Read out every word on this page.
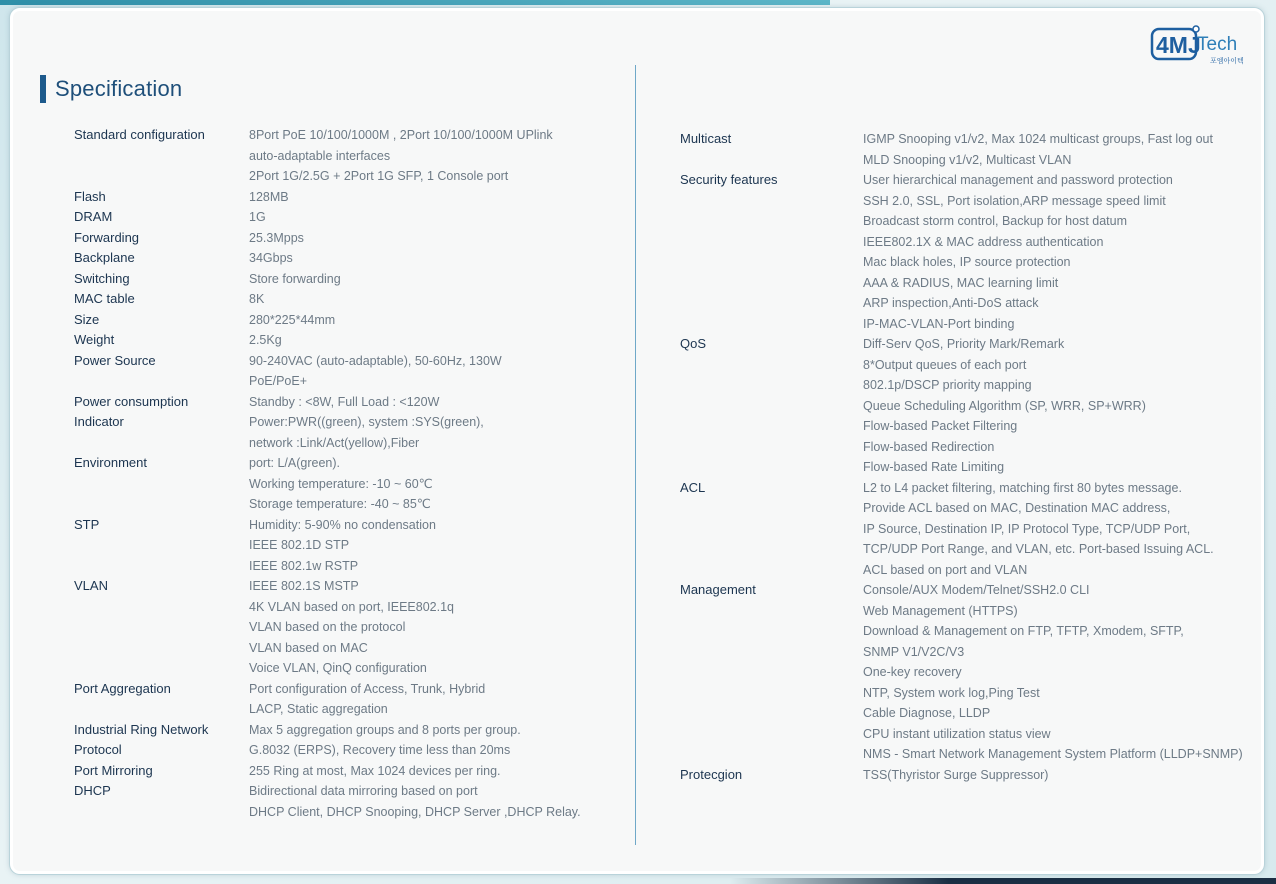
4MJ
Tech
포엠아이텍
Specification
Standard configuration	8Port PoE 10/100/1000M , 2Port 10/100/1000M UPlink
auto-adaptable interfaces
2Port 1G/2.5G + 2Port 1G SFP, 1 Console port
Flash	128MB
DRAM	1G
Forwarding	25.3Mpps
Backplane	34Gbps
Switching	Store forwarding
MAC table	8K
Size	280*225*44mm
Weight	2.5Kg
Power Source	90-240VAC (auto-adaptable), 50-60Hz, 130W
PoE/PoE+
Power consumption	Standby : <8W, Full Load : <120W
Indicator	Power:PWR((green), system :SYS(green),
network :Link/Act(yellow),Fiber
Environment	port: L/A(green).
Working temperature: -10 ~ 60℃
Storage temperature: -40 ~ 85℃
STP	Humidity: 5-90% no condensation
IEEE 802.1D STP
IEEE 802.1w RSTP
VLAN	IEEE 802.1S MSTP
4K VLAN based on port, IEEE802.1q
VLAN based on the protocol
VLAN based on MAC
Voice VLAN, QinQ configuration
Port Aggregation	Port configuration of Access, Trunk, Hybrid
LACP, Static aggregation
Industrial Ring Network	Max 5 aggregation groups and 8 ports per group.
Protocol	G.8032 (ERPS), Recovery time less than 20ms
Port Mirroring	255 Ring at most, Max 1024 devices per ring.
DHCP	Bidirectional data mirroring based on port
DHCP Client, DHCP Snooping, DHCP Server ,DHCP Relay.
Multicast	IGMP Snooping v1/v2, Max 1024 multicast groups, Fast log out
MLD Snooping v1/v2, Multicast VLAN
Security features	User hierarchical management and password protection
SSH 2.0, SSL, Port isolation,ARP message speed limit
Broadcast storm control, Backup for host datum
IEEE802.1X & MAC address authentication
Mac black holes, IP source protection
AAA & RADIUS, MAC learning limit
ARP inspection,Anti-DoS attack
IP-MAC-VLAN-Port binding
QoS	Diff-Serv QoS, Priority Mark/Remark
8*Output queues of each port
802.1p/DSCP priority mapping
Queue Scheduling Algorithm (SP, WRR, SP+WRR)
Flow-based Packet Filtering
Flow-based Redirection
Flow-based Rate Limiting
ACL	L2 to L4 packet filtering, matching first 80 bytes message.
Provide ACL based on MAC, Destination MAC address,
IP Source, Destination IP, IP Protocol Type, TCP/UDP Port,
TCP/UDP Port Range, and VLAN, etc. Port-based Issuing ACL.
ACL based on port and VLAN
Management	Console/AUX Modem/Telnet/SSH2.0 CLI
Web Management (HTTPS)
Download & Management on FTP, TFTP, Xmodem, SFTP,
SNMP V1/V2C/V3
One-key recovery
NTP, System work log,Ping Test
Cable Diagnose, LLDP
CPU instant utilization status view
NMS - Smart Network Management System Platform (LLDP+SNMP)
Protecgion	TSS(Thyristor Surge Suppressor)
